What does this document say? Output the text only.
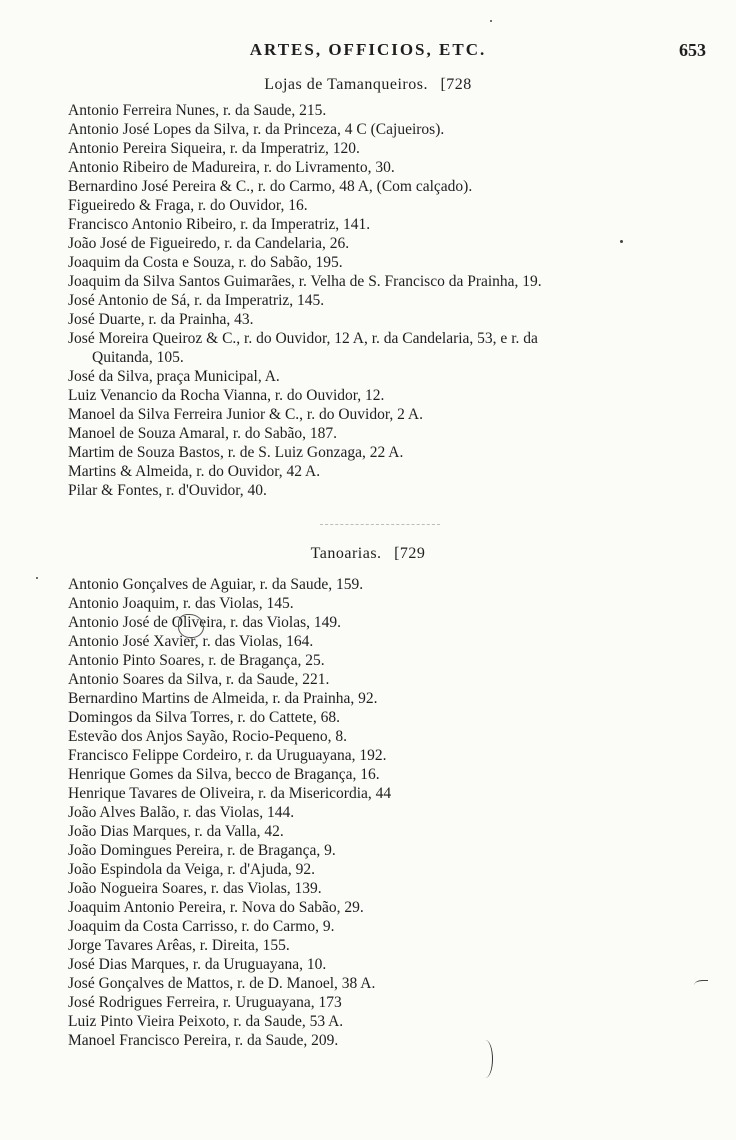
ARTES, OFFICIOS, ETC.	653
Lojas de Tamanqueiros. [728
Antonio Ferreira Nunes, r. da Saude, 215.
Antonio José Lopes da Silva, r. da Princeza, 4 C (Cajueiros).
Antonio Pereira Siqueira, r. da Imperatriz, 120.
Antonio Ribeiro de Madureira, r. do Livramento, 30.
Bernardino José Pereira & C., r. do Carmo, 48 A, (Com calçado).
Figueiredo & Fraga, r. do Ouvidor, 16.
Francisco Antonio Ribeiro, r. da Imperatriz, 141.
João José de Figueiredo, r. da Candelaria, 26.
Joaquim da Costa e Souza, r. do Sabão, 195.
Joaquim da Silva Santos Guimarães, r. Velha de S. Francisco da Prainha, 19.
José Antonio de Sá, r. da Imperatriz, 145.
José Duarte, r. da Prainha, 43.
José Moreira Queiroz & C., r. do Ouvidor, 12 A, r. da Candelaria, 53, e r. da
Quitanda, 105.
José da Silva, praça Municipal, A.
Luiz Venancio da Rocha Vianna, r. do Ouvidor, 12.
Manoel da Silva Ferreira Junior & C., r. do Ouvidor, 2 A.
Manoel de Souza Amaral, r. do Sabão, 187.
Martim de Souza Bastos, r. de S. Luiz Gonzaga, 22 A.
Martins & Almeida, r. do Ouvidor, 42 A.
Pilar & Fontes, r. d'Ouvidor, 40.
Tanoarias. [729
Antonio Gonçalves de Aguiar, r. da Saude, 159.
Antonio Joaquim, r. das Violas, 145.
Antonio José de Oliveira, r. das Violas, 149.
Antonio José Xavier, r. das Violas, 164.
Antonio Pinto Soares, r. de Bragança, 25.
Antonio Soares da Silva, r. da Saude, 221.
Bernardino Martins de Almeida, r. da Prainha, 92.
Domingos da Silva Torres, r. do Cattete, 68.
Estevão dos Anjos Sayão, Rocio-Pequeno, 8.
Francisco Felippe Cordeiro, r. da Uruguayana, 192.
Henrique Gomes da Silva, becco de Bragança, 16.
Henrique Tavares de Oliveira, r. da Misericordia, 44
João Alves Balão, r. das Violas, 144.
João Dias Marques, r. da Valla, 42.
João Domingues Pereira, r. de Bragança, 9.
João Espindola da Veiga, r. d'Ajuda, 92.
João Nogueira Soares, r. das Violas, 139.
Joaquim Antonio Pereira, r. Nova do Sabão, 29.
Joaquim da Costa Carrisso, r. do Carmo, 9.
Jorge Tavares Arêas, r. Direita, 155.
José Dias Marques, r. da Uruguayana, 10.
José Gonçalves de Mattos, r. de D. Manoel, 38 A.
José Rodrigues Ferreira, r. Uruguayana, 173
Luiz Pinto Vieira Peixoto, r. da Saude, 53 A.
Manoel Francisco Pereira, r. da Saude, 209.
